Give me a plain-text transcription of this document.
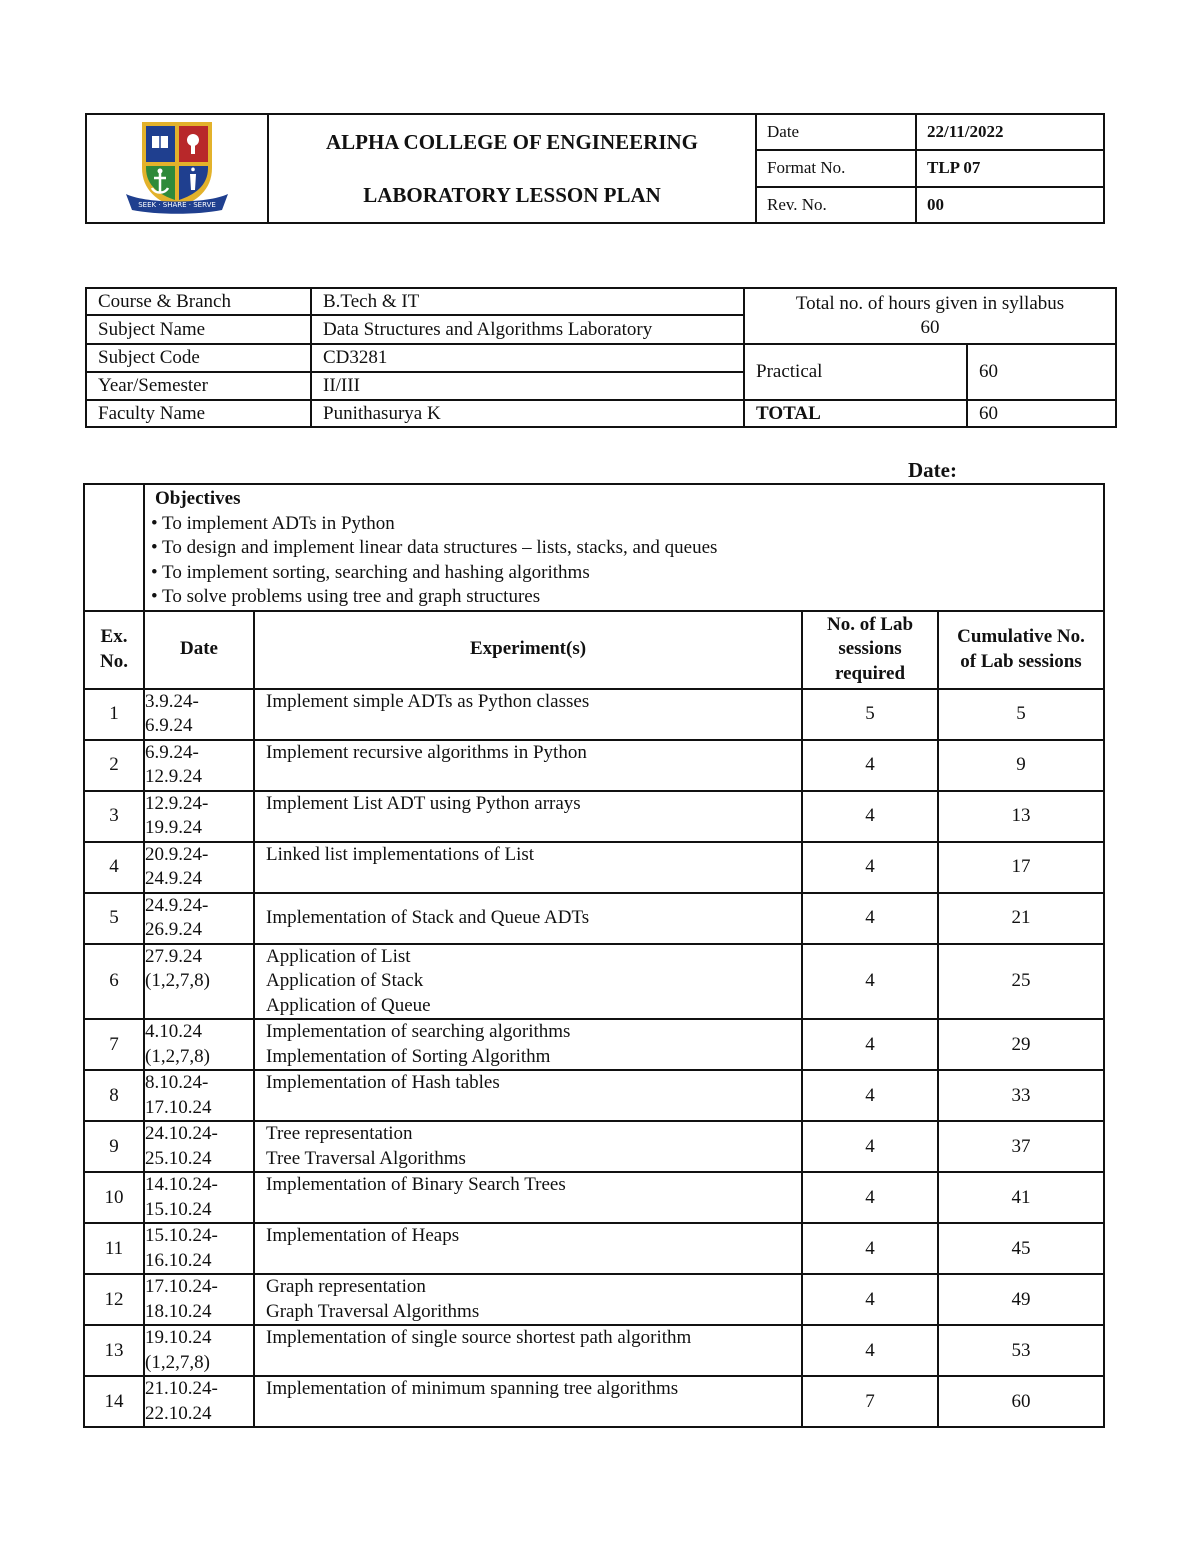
SEEK · SHARE · SERVE	ALPHA COLLEGE OF ENGINEERING
LABORATORY LESSON PLAN	Date	22/11/2022
		Format No.	TLP 07
		Rev. No.	00
Course & Branch	B.Tech & IT	Total no. of hours given in syllabus
60	

Subject Name	Data Structures and Algorithms Laboratory		
Subject Code	CD3281	Practical	60
Year/Semester	II/III		
Faculty Name	Punithasurya K	TOTAL	60
Date:

	Objectives
• To implement ADTs in Python
• To design and implement linear data structures – lists, stacks, and queues
• To implement sorting, searching and hashing algorithms
• To solve problems using tree and graph structures			

Ex.
No.	Date	Experiment(s)	No. of Lab
sessions
required	Cumulative No.
of Lab sessions

1	3.9.24-
6.9.24	Implement simple ADTs as Python classes	5	5
2	6.9.24-
12.9.24	Implement recursive algorithms in Python	4	9
3	12.9.24-
19.9.24	Implement List ADT using Python arrays	4	13
4	20.9.24-
24.9.24	Linked list implementations of List	4	17
5	24.9.24-
26.9.24	Implementation of Stack and Queue ADTs	4	21
6	27.9.24
(1,2,7,8)	Application of List
Application of Stack
Application of Queue	4	25
7	4.10.24
(1,2,7,8)	Implementation of searching algorithms
Implementation of Sorting Algorithm	4	29
8	8.10.24-
17.10.24	Implementation of Hash tables	4	33
9	24.10.24-
25.10.24	Tree representation
Tree Traversal Algorithms	4	37
10	14.10.24-
15.10.24	Implementation of Binary Search Trees	4	41
11	15.10.24-
16.10.24	Implementation of Heaps	4	45
12	17.10.24-
18.10.24	Graph representation
Graph Traversal Algorithms	4	49
13	19.10.24
(1,2,7,8)	Implementation of single source shortest path algorithm	4	53
14	21.10.24-
22.10.24	Implementation of minimum spanning tree algorithms	7	60
